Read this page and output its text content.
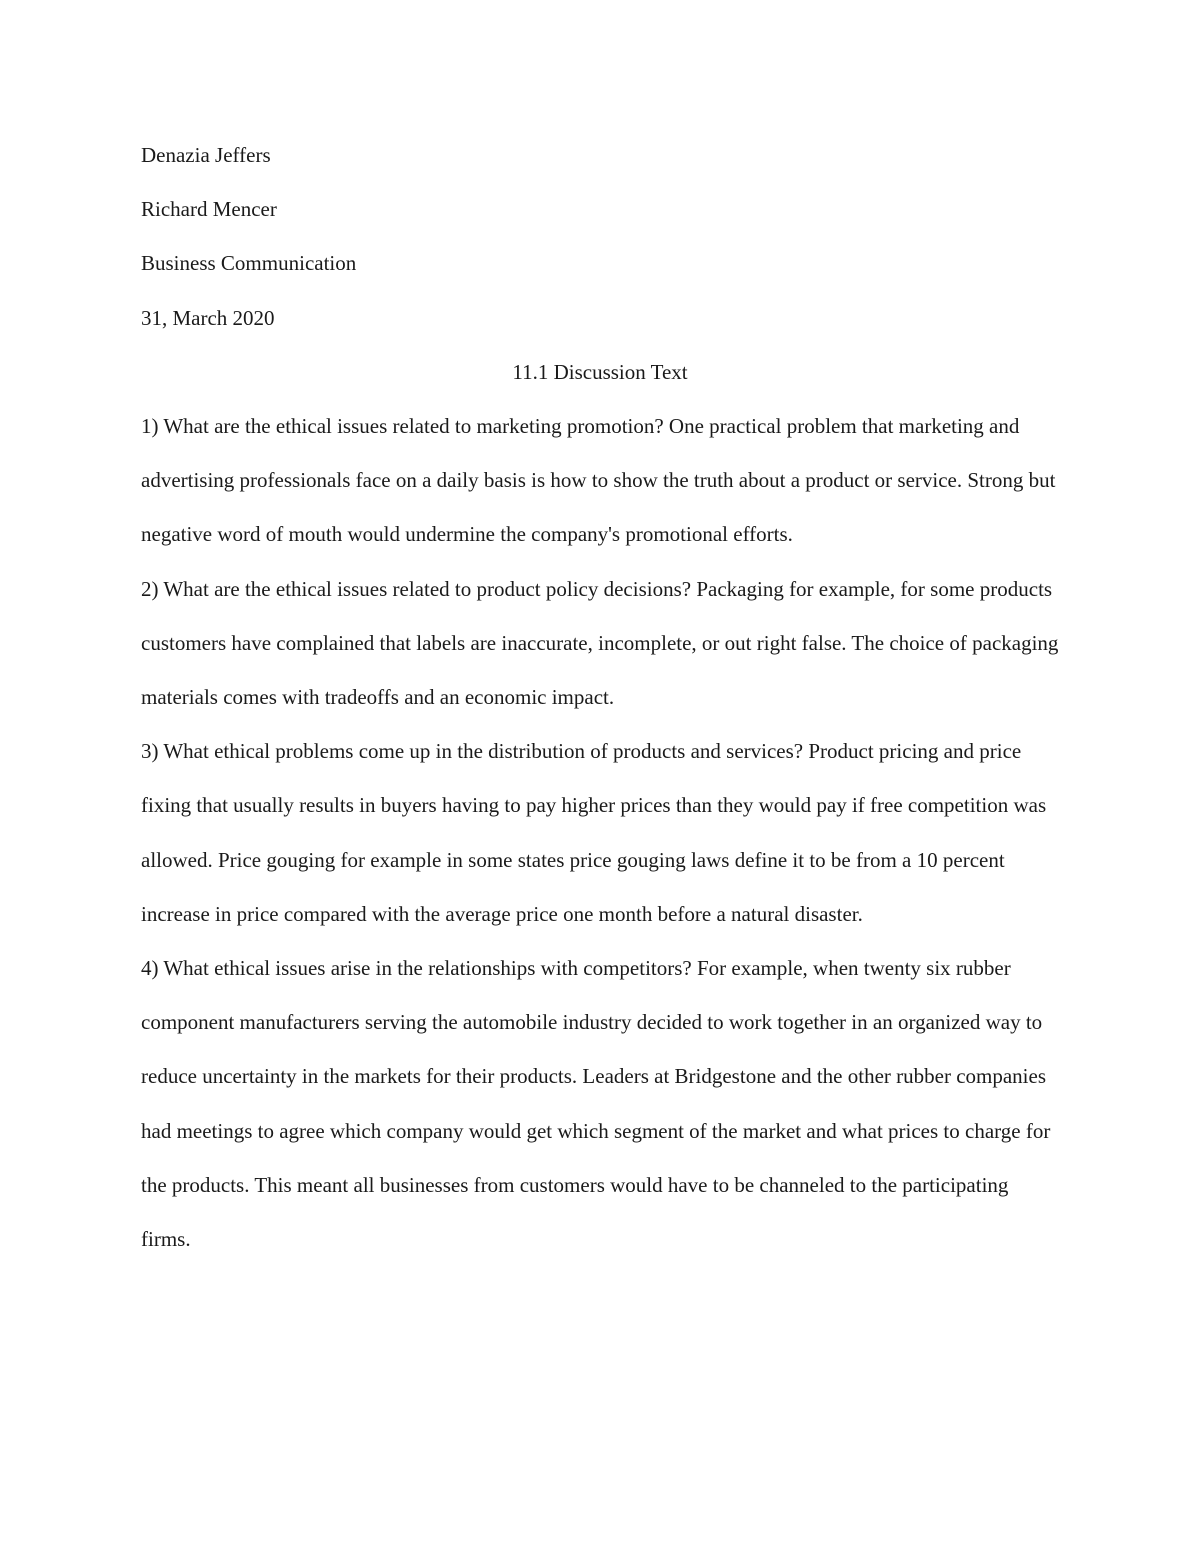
Denazia Jeffers

Richard Mencer

Business Communication

31, March 2020

11.1 Discussion Text

1) What are the ethical issues related to marketing promotion? One practical problem that marketing and advertising professionals face on a daily basis is how to show the truth about a product or service. Strong but negative word of mouth would undermine the company's promotional efforts.

2) What are the ethical issues related to product policy decisions? Packaging for example, for some products customers have complained that labels are inaccurate, incomplete, or out right false. The choice of packaging materials comes with tradeoffs and an economic impact.

3) What ethical problems come up in the distribution of products and services? Product pricing and price fixing that usually results in buyers having to pay higher prices than they would pay if free competition was allowed. Price gouging for example in some states price gouging laws define it to be from a 10 percent increase in price compared with the average price one month before a natural disaster.

4) What ethical issues arise in the relationships with competitors? For example, when twenty six rubber component manufacturers serving the automobile industry decided to work together in an organized way to reduce uncertainty in the markets for their products. Leaders at Bridgestone and the other rubber companies had meetings to agree which company would get which segment of the market and what prices to charge for the products. This meant all businesses from customers would have to be channeled to the participating firms.
